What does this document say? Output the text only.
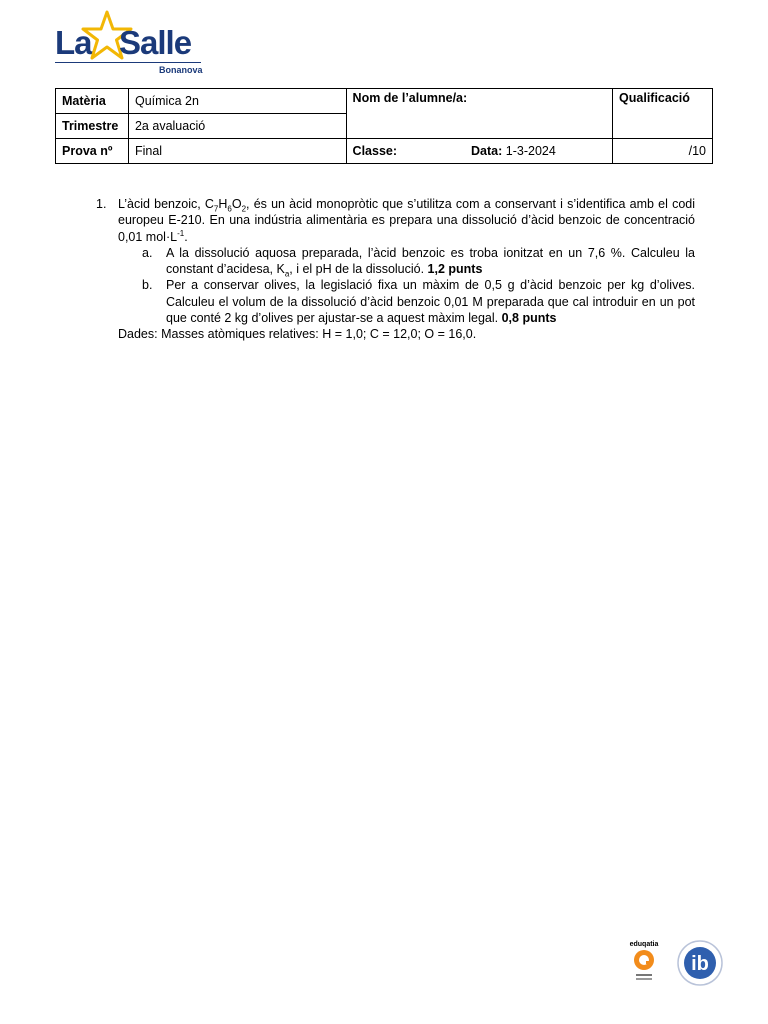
La Salle
Bonanova
Matèria	Química 2n	Nom de l’alumne/a:	Qualificació
Trimestre	2a avaluació		
Prova nº	Final	Classe: Data: 1-3-2024	/10
1. L’àcid benzoic, $C_7H_6O_2$, és un àcid monopròtic que s’utilitza com a conservant i s’identifica amb el codi europeu E-210. En una indústria alimentària es prepara una dissolució d’àcid benzoic de concentració 0,01 $mol\cdot L^{-1}$.
a. A la dissolució aquosa preparada, l’àcid benzoic es troba ionitzat en un 7,6 %. Calculeu la constant d’acidesa, $K_a$, i el pH de la dissolució. 1,2 punts
b. Per a conservar olives, la legislació fixa un màxim de 0,5 g d’àcid benzoic per kg d’olives. Calculeu el volum de la dissolució d’àcid benzoic 0,01 M preparada que cal introduir en un pot que conté 2 kg d’olives per ajustar-se a aquest màxim legal. 0,8 punts
Dades: Masses atòmiques relatives: H = 1,0; C = 12,0; O = 16,0.
eduqatia
ib
